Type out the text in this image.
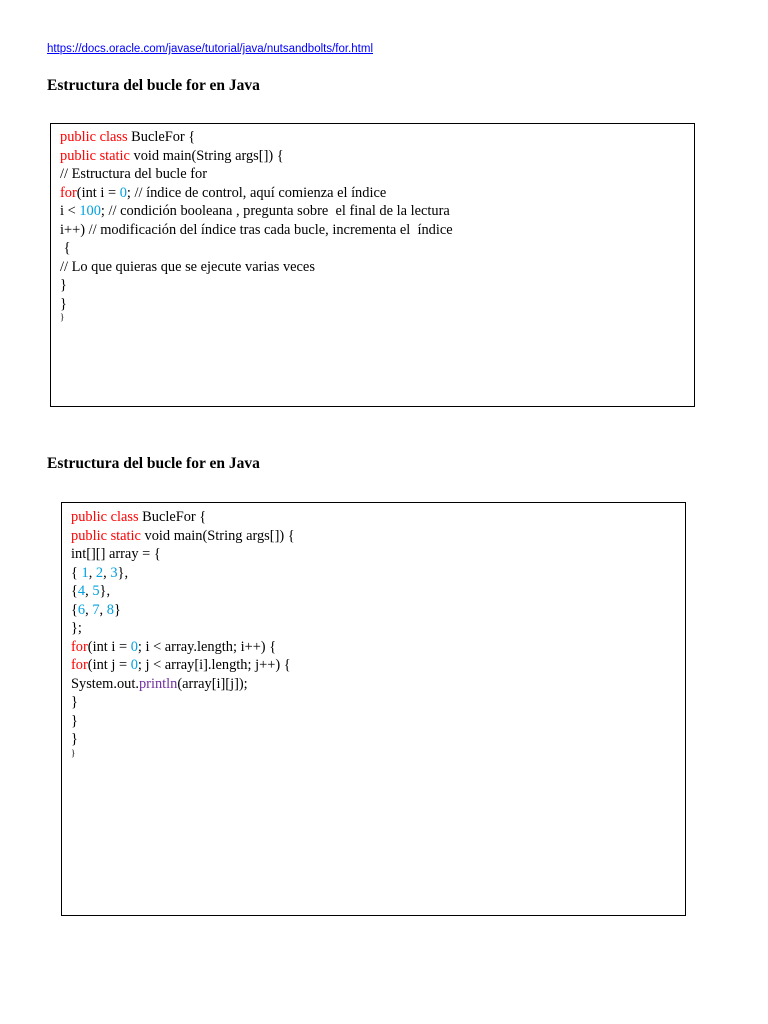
https://docs.oracle.com/javase/tutorial/java/nutsandbolts/for.html
Estructura del bucle for en Java
public class BucleFor {
public static void main(String args[]) {
// Estructura del bucle for
for(int i = 0; // índice de control, aquí comienza el índice
i < 100; // condición booleana , pregunta sobre  el final de la lectura
i++) // modificación del índice tras cada bucle, incrementa el  índice
{
// Lo que quieras que se ejecute varias veces
}
}
}
Estructura del bucle for en Java
public class BucleFor {
public static void main(String args[]) {
int[][] array = {
{ 1, 2, 3},
{4, 5},
{6, 7, 8}
};
for(int i = 0; i < array.length; i++) {
for(int j = 0; j < array[i].length; j++) {
System.out.println(array[i][j]);
}
}
}
}
